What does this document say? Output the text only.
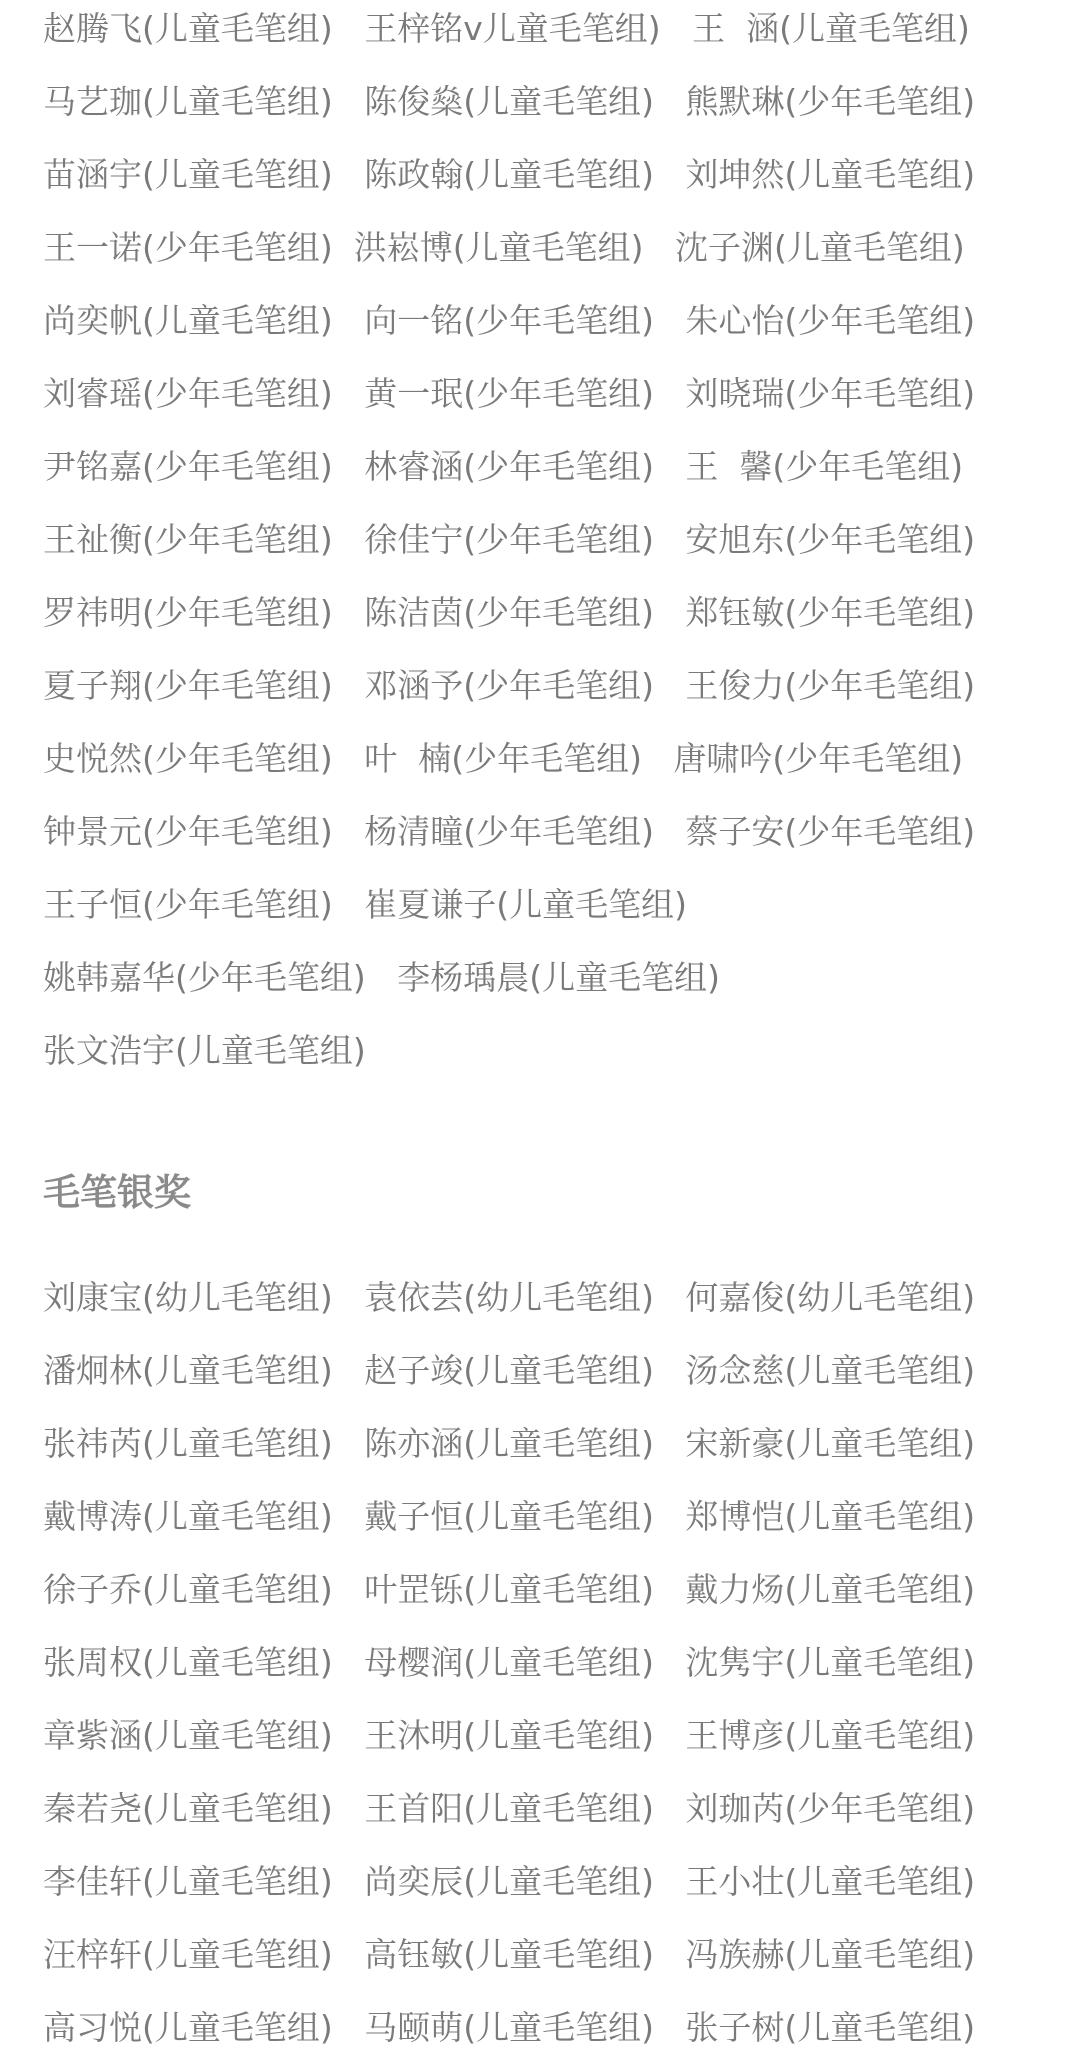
赵腾飞(儿童毛笔组)   王梓铭v儿童毛笔组)   王  涵(儿童毛笔组)
马艺珈(儿童毛笔组)   陈俊燊(儿童毛笔组)   熊默琳(少年毛笔组)
苗涵宇(儿童毛笔组)   陈政翰(儿童毛笔组)   刘坤然(儿童毛笔组)
王一诺(少年毛笔组)  洪崧博(儿童毛笔组)   沈子渊(儿童毛笔组)
尚奕帆(儿童毛笔组)   向一铭(少年毛笔组)   朱心怡(少年毛笔组)
刘睿瑶(少年毛笔组)   黄一珉(少年毛笔组)   刘晓瑞(少年毛笔组)
尹铭嘉(少年毛笔组)   林睿涵(少年毛笔组)   王  馨(少年毛笔组)
王祉衡(少年毛笔组)   徐佳宁(少年毛笔组)   安旭东(少年毛笔组)
罗祎明(少年毛笔组)   陈洁茵(少年毛笔组)   郑钰敏(少年毛笔组)
夏子翔(少年毛笔组)   邓涵予(少年毛笔组)   王俊力(少年毛笔组)
史悦然(少年毛笔组)   叶  楠(少年毛笔组)   唐啸吟(少年毛笔组)
钟景元(少年毛笔组)   杨清瞳(少年毛笔组)   蔡子安(少年毛笔组)
王子恒(少年毛笔组)   崔夏谦子(儿童毛笔组)
姚韩嘉华(少年毛笔组)   李杨瑀晨(儿童毛笔组)
张文浩宇(儿童毛笔组)
毛笔银奖
刘康宝(幼儿毛笔组)   袁依芸(幼儿毛笔组)   何嘉俊(幼儿毛笔组)
潘炯林(儿童毛笔组)   赵子竣(儿童毛笔组)   汤念慈(儿童毛笔组)
张祎芮(儿童毛笔组)   陈亦涵(儿童毛笔组)   宋新豪(儿童毛笔组)
戴博涛(儿童毛笔组)   戴子恒(儿童毛笔组)   郑博恺(儿童毛笔组)
徐子乔(儿童毛笔组)   叶罡铄(儿童毛笔组)   戴力炀(儿童毛笔组)
张周权(儿童毛笔组)   母樱润(儿童毛笔组)   沈隽宇(儿童毛笔组)
章紫涵(儿童毛笔组)   王沐明(儿童毛笔组)   王博彦(儿童毛笔组)
秦若尧(儿童毛笔组)   王首阳(儿童毛笔组)   刘珈芮(少年毛笔组)
李佳轩(儿童毛笔组)   尚奕辰(儿童毛笔组)   王小壮(儿童毛笔组)
汪梓轩(儿童毛笔组)   高钰敏(儿童毛笔组)   冯族赫(儿童毛笔组)
高习悦(儿童毛笔组)   马颐萌(儿童毛笔组)   张子树(儿童毛笔组)
